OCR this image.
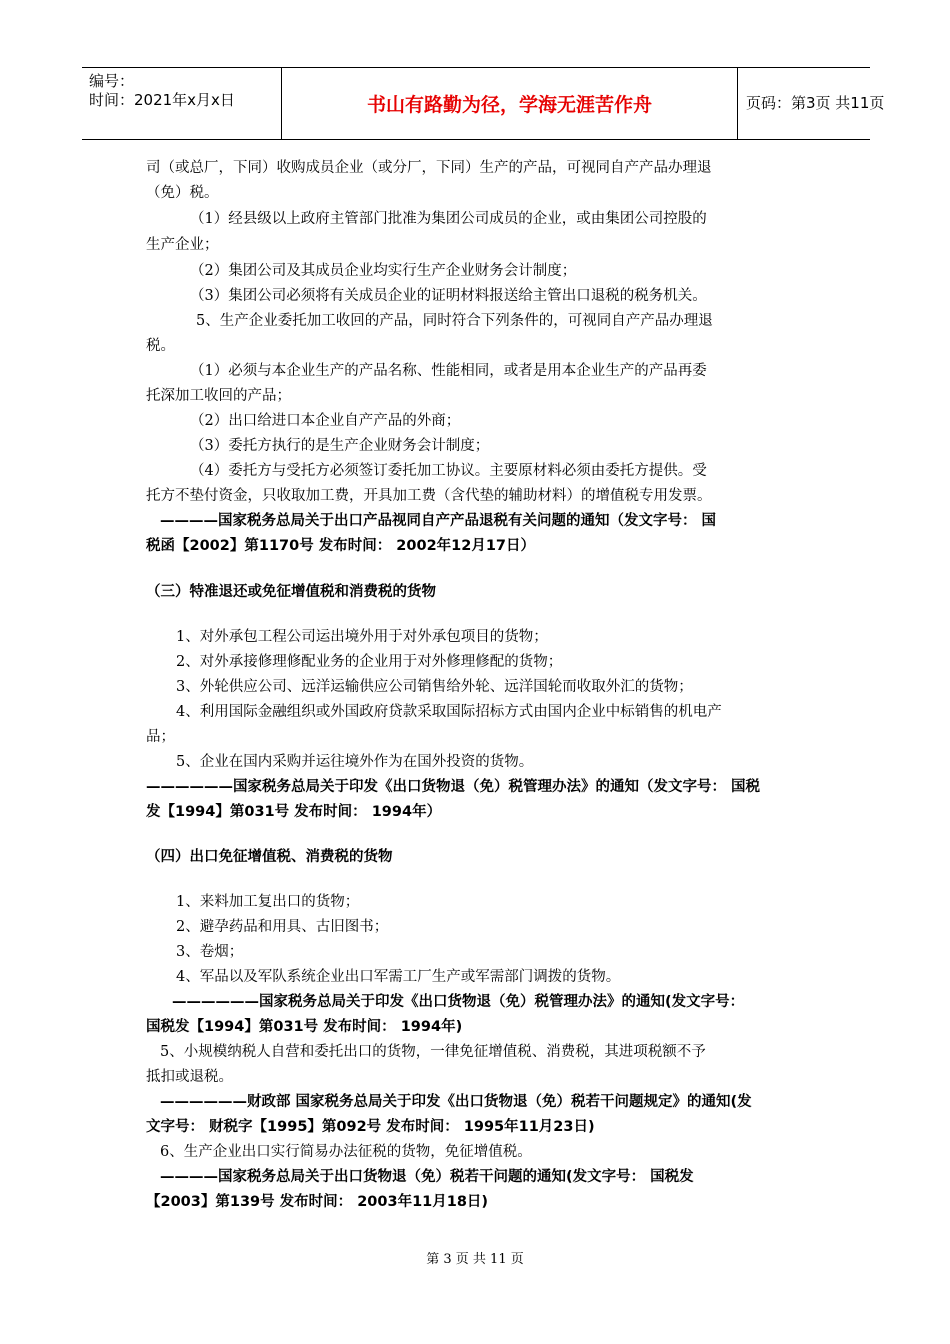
编号：
时间：2021年x月x日	书山有路勤为径，学海无涯苦作舟	页码：第3页 共11页
司（或总厂，下同）收购成员企业（或分厂，下同）生产的产品，可视同自产产品办理退
（免）税。
（1）经县级以上政府主管部门批准为集团公司成员的企业，或由集团公司控股的
生产企业；
（2）集团公司及其成员企业均实行生产企业财务会计制度；
（3）集团公司必须将有关成员企业的证明材料报送给主管出口退税的税务机关。
5、生产企业委托加工收回的产品，同时符合下列条件的，可视同自产产品办理退
税。
（1）必须与本企业生产的产品名称、性能相同，或者是用本企业生产的产品再委
托深加工收回的产品；
（2）出口给进口本企业自产产品的外商；
（3）委托方执行的是生产企业财务会计制度；
（4）委托方与受托方必须签订委托加工协议。主要原材料必须由委托方提供。受
托方不垫付资金，只收取加工费，开具加工费（含代垫的辅助材料）的增值税专用发票。
————国家税务总局关于出口产品视同自产产品退税有关问题的通知（发文字号： 国
税函【2002】第1170号 发布时间： 2002年12月17日）
（三）特准退还或免征增值税和消费税的货物
1、对外承包工程公司运出境外用于对外承包项目的货物；
2、对外承接修理修配业务的企业用于对外修理修配的货物；
3、外轮供应公司、远洋运输供应公司销售给外轮、远洋国轮而收取外汇的货物；
4、利用国际金融组织或外国政府贷款采取国际招标方式由国内企业中标销售的机电产
品；
5、企业在国内采购并运往境外作为在国外投资的货物。
——————国家税务总局关于印发《出口货物退（免）税管理办法》的通知（发文字号： 国税
发【1994】第031号 发布时间： 1994年）
（四）出口免征增值税、消费税的货物
1、来料加工复出口的货物；
2、避孕药品和用具、古旧图书；
3、卷烟；
4、军品以及军队系统企业出口军需工厂生产或军需部门调拨的货物。
——————国家税务总局关于印发《出口货物退（免）税管理办法》的通知(发文字号：
国税发【1994】第031号 发布时间： 1994年)
5、小规模纳税人自营和委托出口的货物，一律免征增值税、消费税，其进项税额不予
抵扣或退税。
——————财政部 国家税务总局关于印发《出口货物退（免）税若干问题规定》的通知(发
文字号： 财税字【1995】第092号 发布时间： 1995年11月23日)
6、生产企业出口实行简易办法征税的货物，免征增值税。
————国家税务总局关于出口货物退（免）税若干问题的通知(发文字号： 国税发
【2003】第139号 发布时间： 2003年11月18日)
第 3 页 共 11 页
